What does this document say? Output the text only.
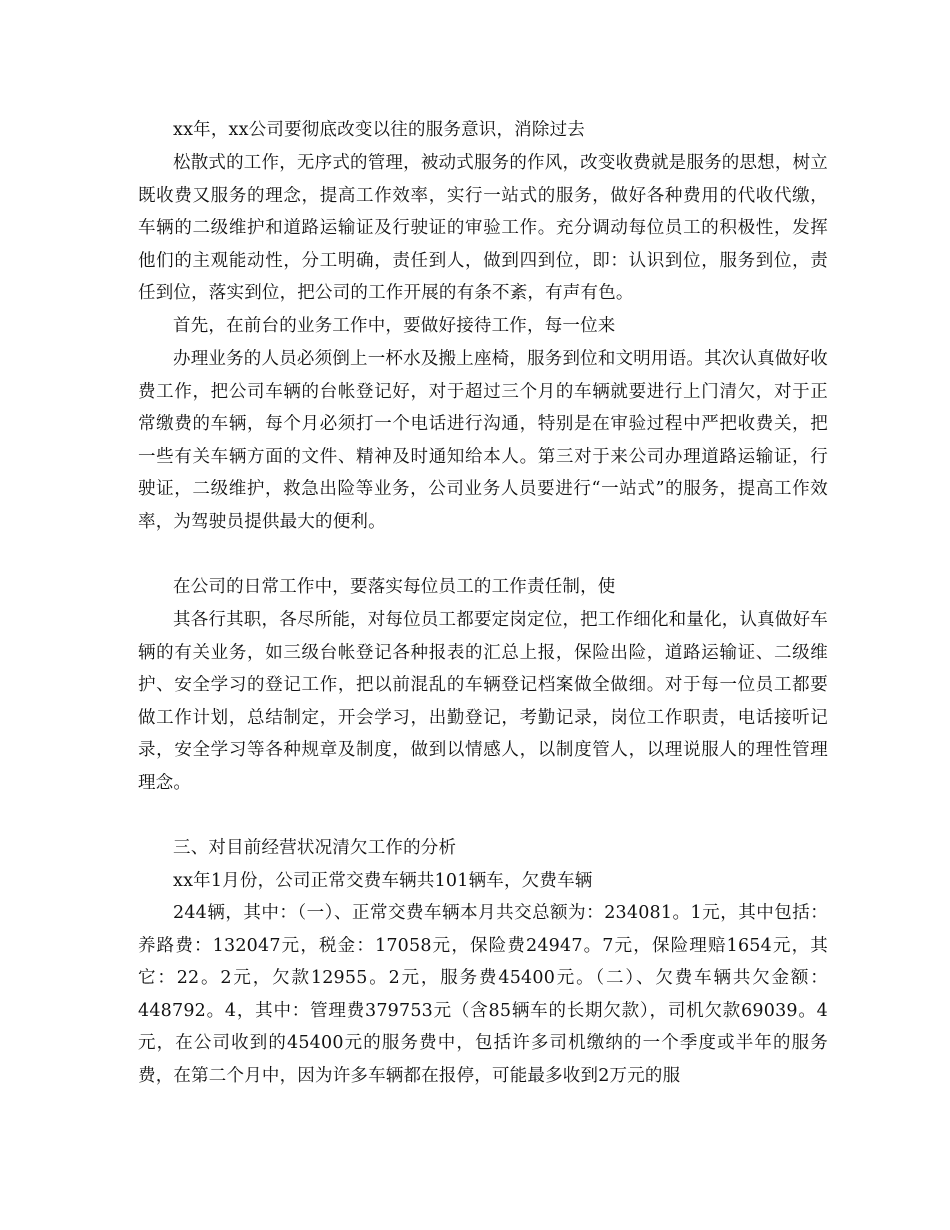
xx年，xx公司要彻底改变以往的服务意识，消除过去

松散式的工作，无序式的管理，被动式服务的作风，改变收费就是服务的思想，树立既收费又服务的理念，提高工作效率，实行一站式的服务，做好各种费用的代收代缴，车辆的二级维护和道路运输证及行驶证的审验工作。充分调动每位员工的积极性，发挥他们的主观能动性，分工明确，责任到人，做到四到位，即：认识到位，服务到位，责任到位，落实到位，把公司的工作开展的有条不紊，有声有色。

首先，在前台的业务工作中，要做好接待工作，每一位来

办理业务的人员必须倒上一杯水及搬上座椅，服务到位和文明用语。其次认真做好收费工作，把公司车辆的台帐登记好，对于超过三个月的车辆就要进行上门清欠，对于正常缴费的车辆，每个月必须打一个电话进行沟通，特别是在审验过程中严把收费关，把一些有关车辆方面的文件、精神及时通知给本人。第三对于来公司办理道路运输证，行驶证，二级维护，救急出险等业务，公司业务人员要进行“一站式”的服务，提高工作效率，为驾驶员提供最大的便利。

在公司的日常工作中，要落实每位员工的工作责任制，使

其各行其职，各尽所能，对每位员工都要定岗定位，把工作细化和量化，认真做好车辆的有关业务，如三级台帐登记各种报表的汇总上报，保险出险，道路运输证、二级维护、安全学习的登记工作，把以前混乱的车辆登记档案做全做细。对于每一位员工都要做工作计划，总结制定，开会学习，出勤登记，考勤记录，岗位工作职责，电话接听记录，安全学习等各种规章及制度，做到以情感人，以制度管人，以理说服人的理性管理理念。

三、对目前经营状况清欠工作的分析

xx年1月份，公司正常交费车辆共101辆车，欠费车辆

244辆，其中：（一）、正常交费车辆本月共交总额为：234081。1元，其中包括：养路费：132047元，税金：17058元，保险费24947。7元，保险理赔1654元，其它：22。2元，欠款12955。2元，服务费45400元。（二）、欠费车辆共欠金额：448792。4，其中：管理费379753元（含85辆车的长期欠款），司机欠款69039。4元，在公司收到的45400元的服务费中，包括许多司机缴纳的一个季度或半年的服务费，在第二个月中，因为许多车辆都在报停，可能最多收到2万元的服
